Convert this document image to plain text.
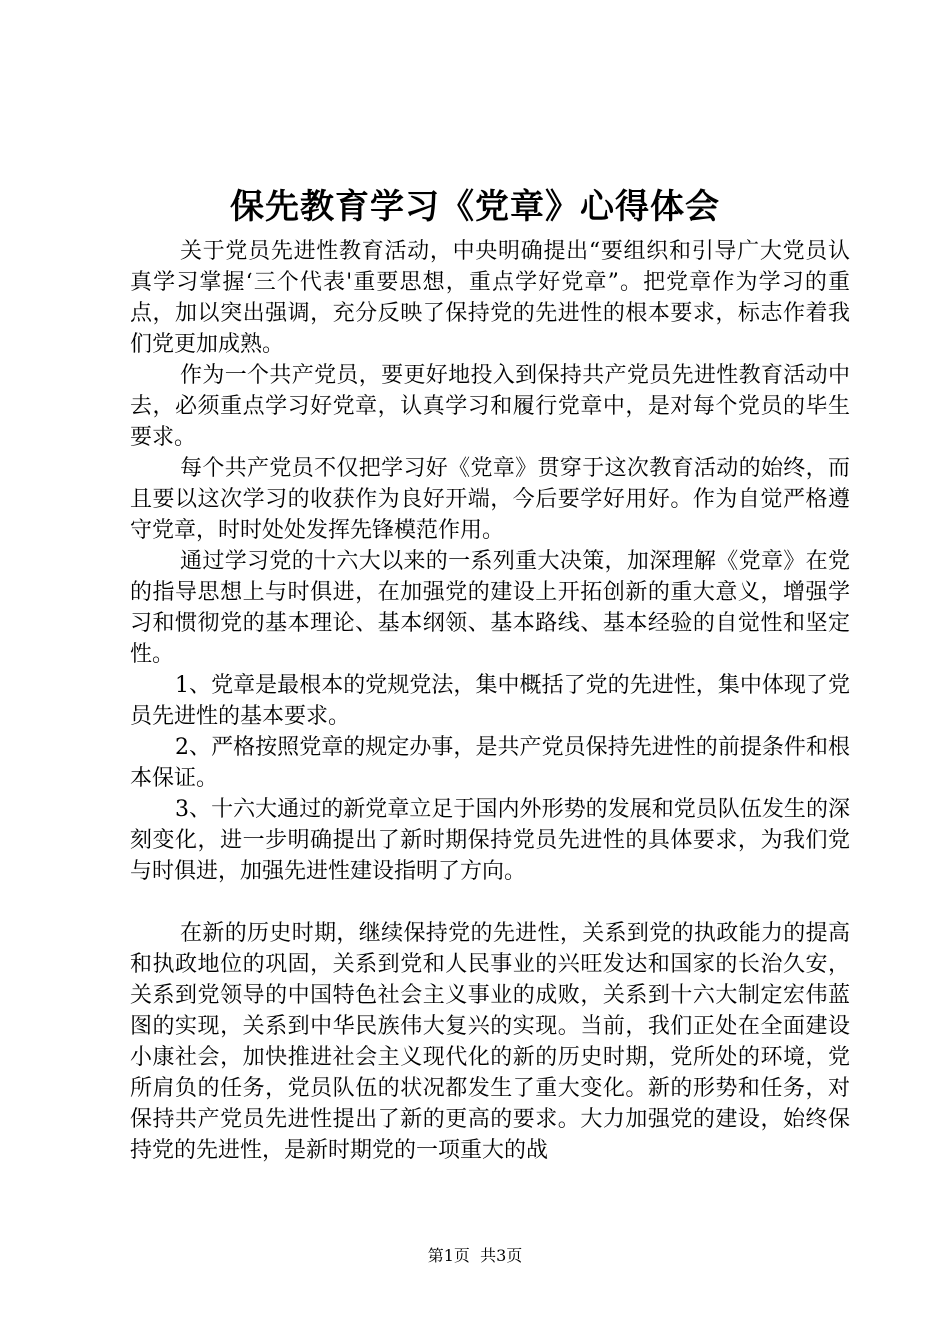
保先教育学习《党章》心得体会

关于党员先进性教育活动，中央明确提出“要组织和引导广大党员认真学习掌握‘三个代表'重要思想，重点学好党章”。把党章作为学习的重点，加以突出强调，充分反映了保持党的先进性的根本要求，标志作着我们党更加成熟。

作为一个共产党员，要更好地投入到保持共产党员先进性教育活动中去，必须重点学习好党章，认真学习和履行党章中，是对每个党员的毕生要求。

每个共产党员不仅把学习好《党章》贯穿于这次教育活动的始终，而且要以这次学习的收获作为良好开端，今后要学好用好。作为自觉严格遵守党章，时时处处发挥先锋模范作用。

通过学习党的十六大以来的一系列重大决策，加深理解《党章》在党的指导思想上与时俱进，在加强党的建设上开拓创新的重大意义，增强学习和惯彻党的基本理论、基本纲领、基本路线、基本经验的自觉性和坚定性。

1、党章是最根本的党规党法，集中概括了党的先进性，集中体现了党员先进性的基本要求。

2、严格按照党章的规定办事，是共产党员保持先进性的前提条件和根本保证。

3、十六大通过的新党章立足于国内外形势的发展和党员队伍发生的深刻变化，进一步明确提出了新时期保持党员先进性的具体要求，为我们党与时俱进，加强先进性建设指明了方向。

在新的历史时期，继续保持党的先进性，关系到党的执政能力的提高和执政地位的巩固，关系到党和人民事业的兴旺发达和国家的长治久安，关系到党领导的中国特色社会主义事业的成败，关系到十六大制定宏伟蓝图的实现，关系到中华民族伟大复兴的实现。当前，我们正处在全面建设小康社会，加快推进社会主义现代化的新的历史时期，党所处的环境，党所肩负的任务，党员队伍的状况都发生了重大变化。新的形势和任务，对保持共产党员先进性提出了新的更高的要求。大力加强党的建设，始终保持党的先进性，是新时期党的一项重大的战

第1页  共3页
